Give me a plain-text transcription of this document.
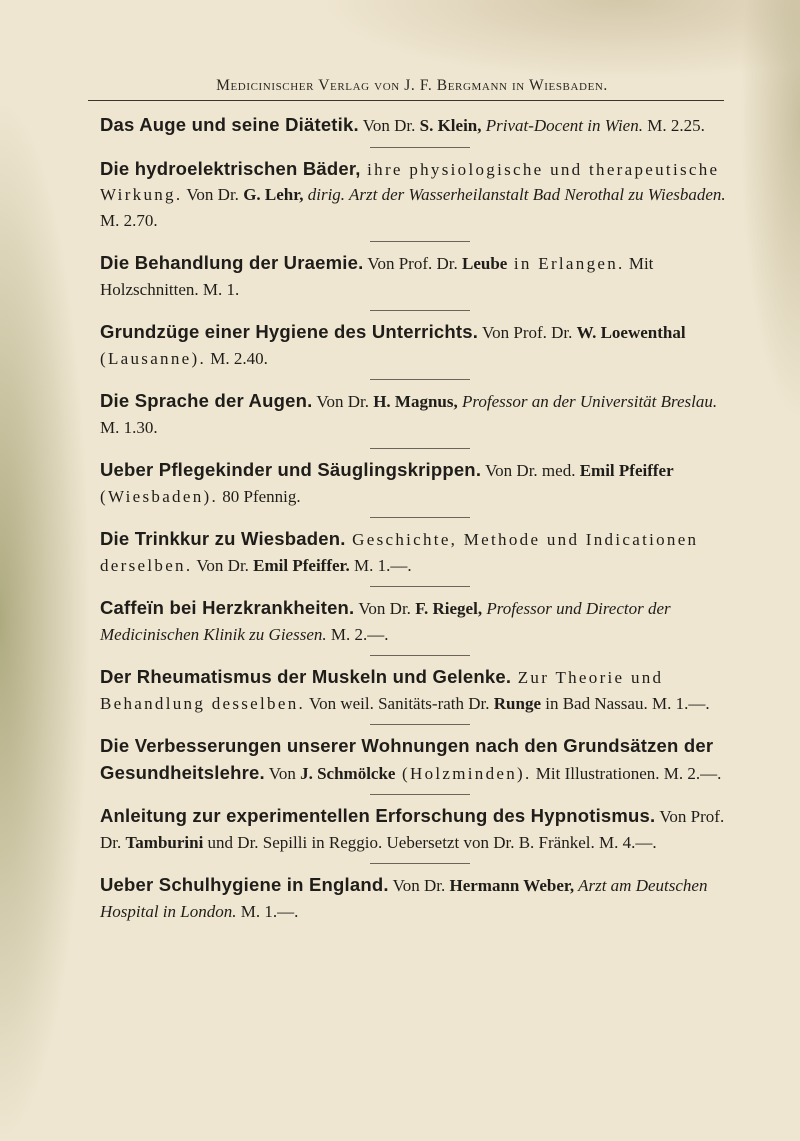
Medicinischer Verlag von J. F. Bergmann in Wiesbaden.
Das Auge und seine Diätetik. Von Dr. S. Klein, Privat-Docent in Wien. M. 2.25.
Die hydroelektrischen Bäder, ihre physiologische und therapeutische Wirkung. Von Dr. G. Lehr, dirig. Arzt der Wasserheilanstalt Bad Nerothal zu Wiesbaden. M. 2.70.
Die Behandlung der Uraemie. Von Prof. Dr. Leube in Erlangen. Mit Holzschnitten. M. 1.
Grundzüge einer Hygiene des Unterrichts. Von Prof. Dr. W. Loewenthal (Lausanne). M. 2.40.
Die Sprache der Augen. Von Dr. H. Magnus, Professor an der Universität Breslau. M. 1.30.
Ueber Pflegekinder und Säuglingskrippen. Von Dr. med. Emil Pfeiffer (Wiesbaden). 80 Pfennig.
Die Trinkkur zu Wiesbaden. Geschichte, Methode und Indicationen derselben. Von Dr. Emil Pfeiffer. M. 1.—.
Caffeïn bei Herzkrankheiten. Von Dr. F. Riegel, Professor und Director der Medicinischen Klinik zu Giessen. M. 2.—.
Der Rheumatismus der Muskeln und Gelenke. Zur Theorie und Behandlung desselben. Von weil. Sanitäts-rath Dr. Runge in Bad Nassau. M. 1.—.
Die Verbesserungen unserer Wohnungen nach den Grundsätzen der Gesundheitslehre. Von J. Schmölcke (Holzminden). Mit Illustrationen. M. 2.—.
Anleitung zur experimentellen Erforschung des Hypnotismus. Von Prof. Dr. Tamburini und Dr. Sepilli in Reggio. Uebersetzt von Dr. B. Fränkel. M. 4.—.
Ueber Schulhygiene in England. Von Dr. Hermann Weber, Arzt am Deutschen Hospital in London. M. 1.—.
